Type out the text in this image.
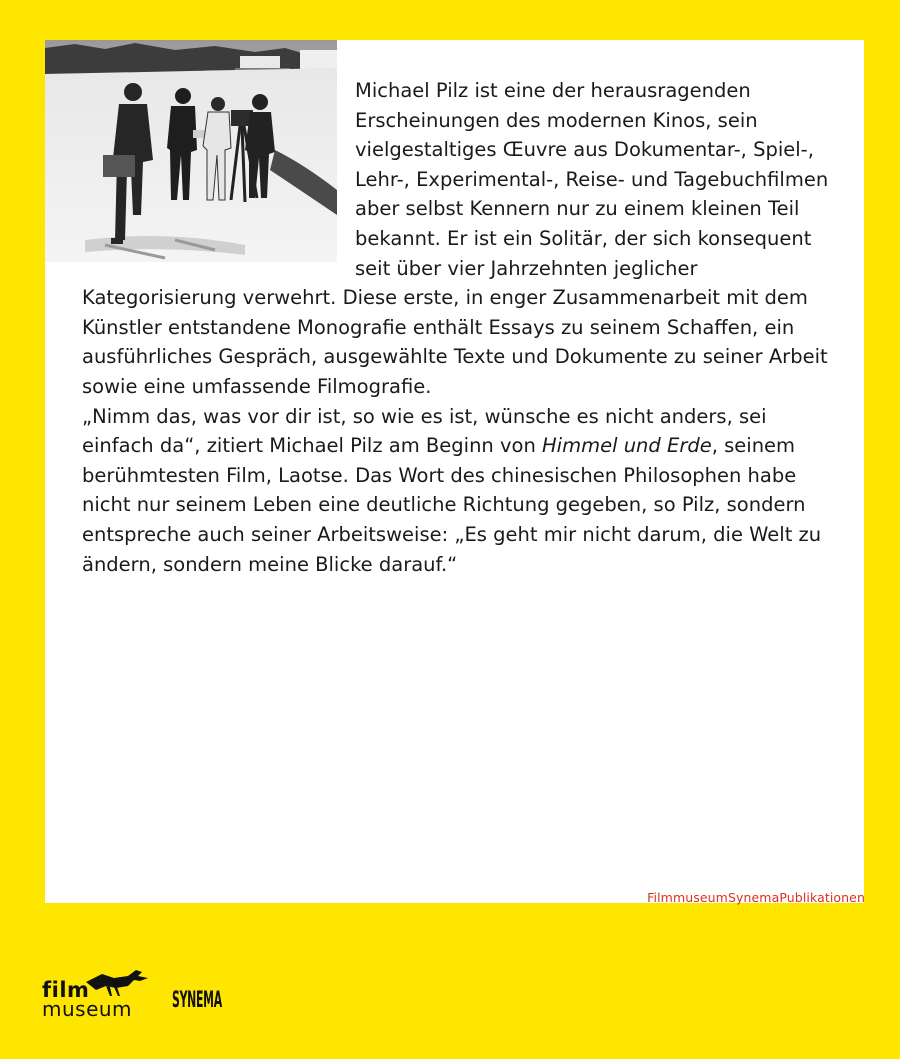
Michael Pilz ist eine der herausragenden Erscheinungen des modernen Kinos, sein vielgestaltiges Œuvre aus Dokumentar-, Spiel-, Lehr-, Experimental-, Reise- und Tagebuchfilmen aber selbst Kennern nur zu einem kleinen Teil bekannt. Er ist ein Solitär, der sich konsequent seit über vier Jahrzehnten jeglicher Kategorisierung verwehrt. Diese erste, in enger Zusammenarbeit mit dem Künstler entstandene Monografie enthält Essays zu seinem Schaffen, ein ausführliches Gespräch, ausgewählte Texte und Dokumente zu seiner Arbeit sowie eine umfassende Filmografie.

„Nimm das, was vor dir ist, so wie es ist, wünsche es nicht anders, sei einfach da“, zitiert Michael Pilz am Beginn von Himmel und Erde, seinem berühmtesten Film, Laotse. Das Wort des chinesischen Philosophen habe nicht nur seinem Leben eine deutliche Richtung gegeben, so Pilz, sondern entspreche auch seiner Arbeitsweise: „Es geht mir nicht darum, die Welt zu ändern, sondern meine Blicke darauf.“

FilmmuseumSynemaPublikationen
film
museum SYNEMA
